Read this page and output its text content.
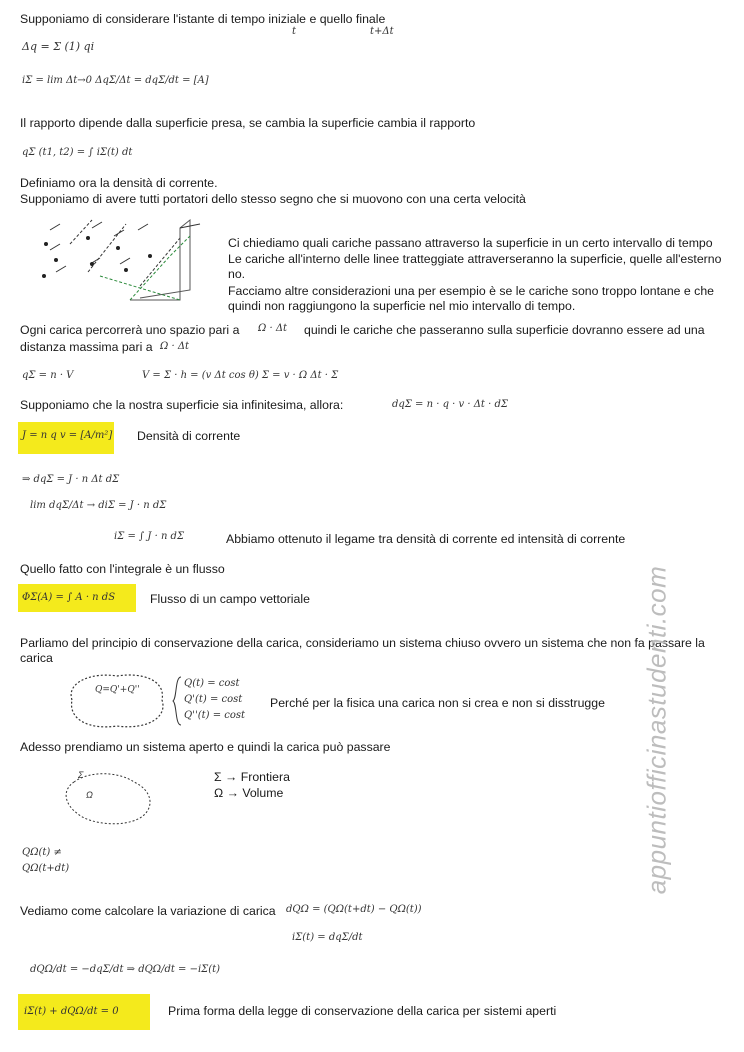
Supponiamo di considerare l'istante di tempo iniziale e quello finale
t	t+Δt
Δq = Σ (1) qi
iΣ = lim Δt→0 ΔqΣ/Δt = dqΣ/dt = [A]
Il rapporto dipende dalla superficie presa, se cambia la superficie cambia il rapporto
qΣ (t1, t2) = ∫ iΣ(t) dt
Definiamo ora la densità di corrente.
Supponiamo di avere tutti portatori dello stesso segno che si muovono con una certa velocità
Ci chiediamo quali cariche passano attraverso la superficie in un certo intervallo di tempo
Le cariche all'interno delle linee tratteggiate attraverseranno la superficie, quelle all'esterno no.
Facciamo altre considerazioni una per esempio è se le cariche sono troppo lontane e che quindi non raggiungono la superficie nel mio intervallo di tempo.
Ogni carica percorrerà uno spazio pari a Ω · Δt quindi le cariche che passeranno sulla superficie dovranno essere ad una
distanza massima pari a Ω · Δt
qΣ = n · V	V = Σ · h = (v Δt cos θ) Σ = v · Ω Δt · Σ
Supponiamo che la nostra superficie sia infinitesima, allora:	dqΣ = n · q · v · Δt · dΣ
J = n q v = [A/m²] Densità di corrente
⇒ dqΣ = J · n Δt dΣ
lim dqΣ/Δt → diΣ = J · n dΣ
iΣ = ∫ J · n dΣ	Abbiamo ottenuto il legame tra densità di corrente ed intensità di corrente
Quello fatto con l'integrale è un flusso
ΦΣ(A) = ∫ A · n dS	Flusso di un campo vettoriale
Parliamo del principio di conservazione della carica, consideriamo un sistema chiuso ovvero un sistema che non fa passare la carica
Q=Q'+Q''
Q(t) = cost
Q'(t) = cost
Q''(t) = cost
Perché per la fisica una carica non si crea e non si disstrugge
Adesso prendiamo un sistema aperto e quindi la carica può passare
Σ
Ω
Σ → Frontiera
Ω → Volume
QΩ(t) ≠ QΩ(t+dt)
Vediamo come calcolare la variazione di carica dQΩ = (QΩ(t+dt) − QΩ(t))
iΣ(t) = dqΣ/dt
dQΩ/dt = −dqΣ/dt ⇒ dQΩ/dt = −iΣ(t)
iΣ(t) + dQΩ/dt = 0	Prima forma della legge di conservazione della carica per sistemi aperti
appuntiofficinastudenti.com
